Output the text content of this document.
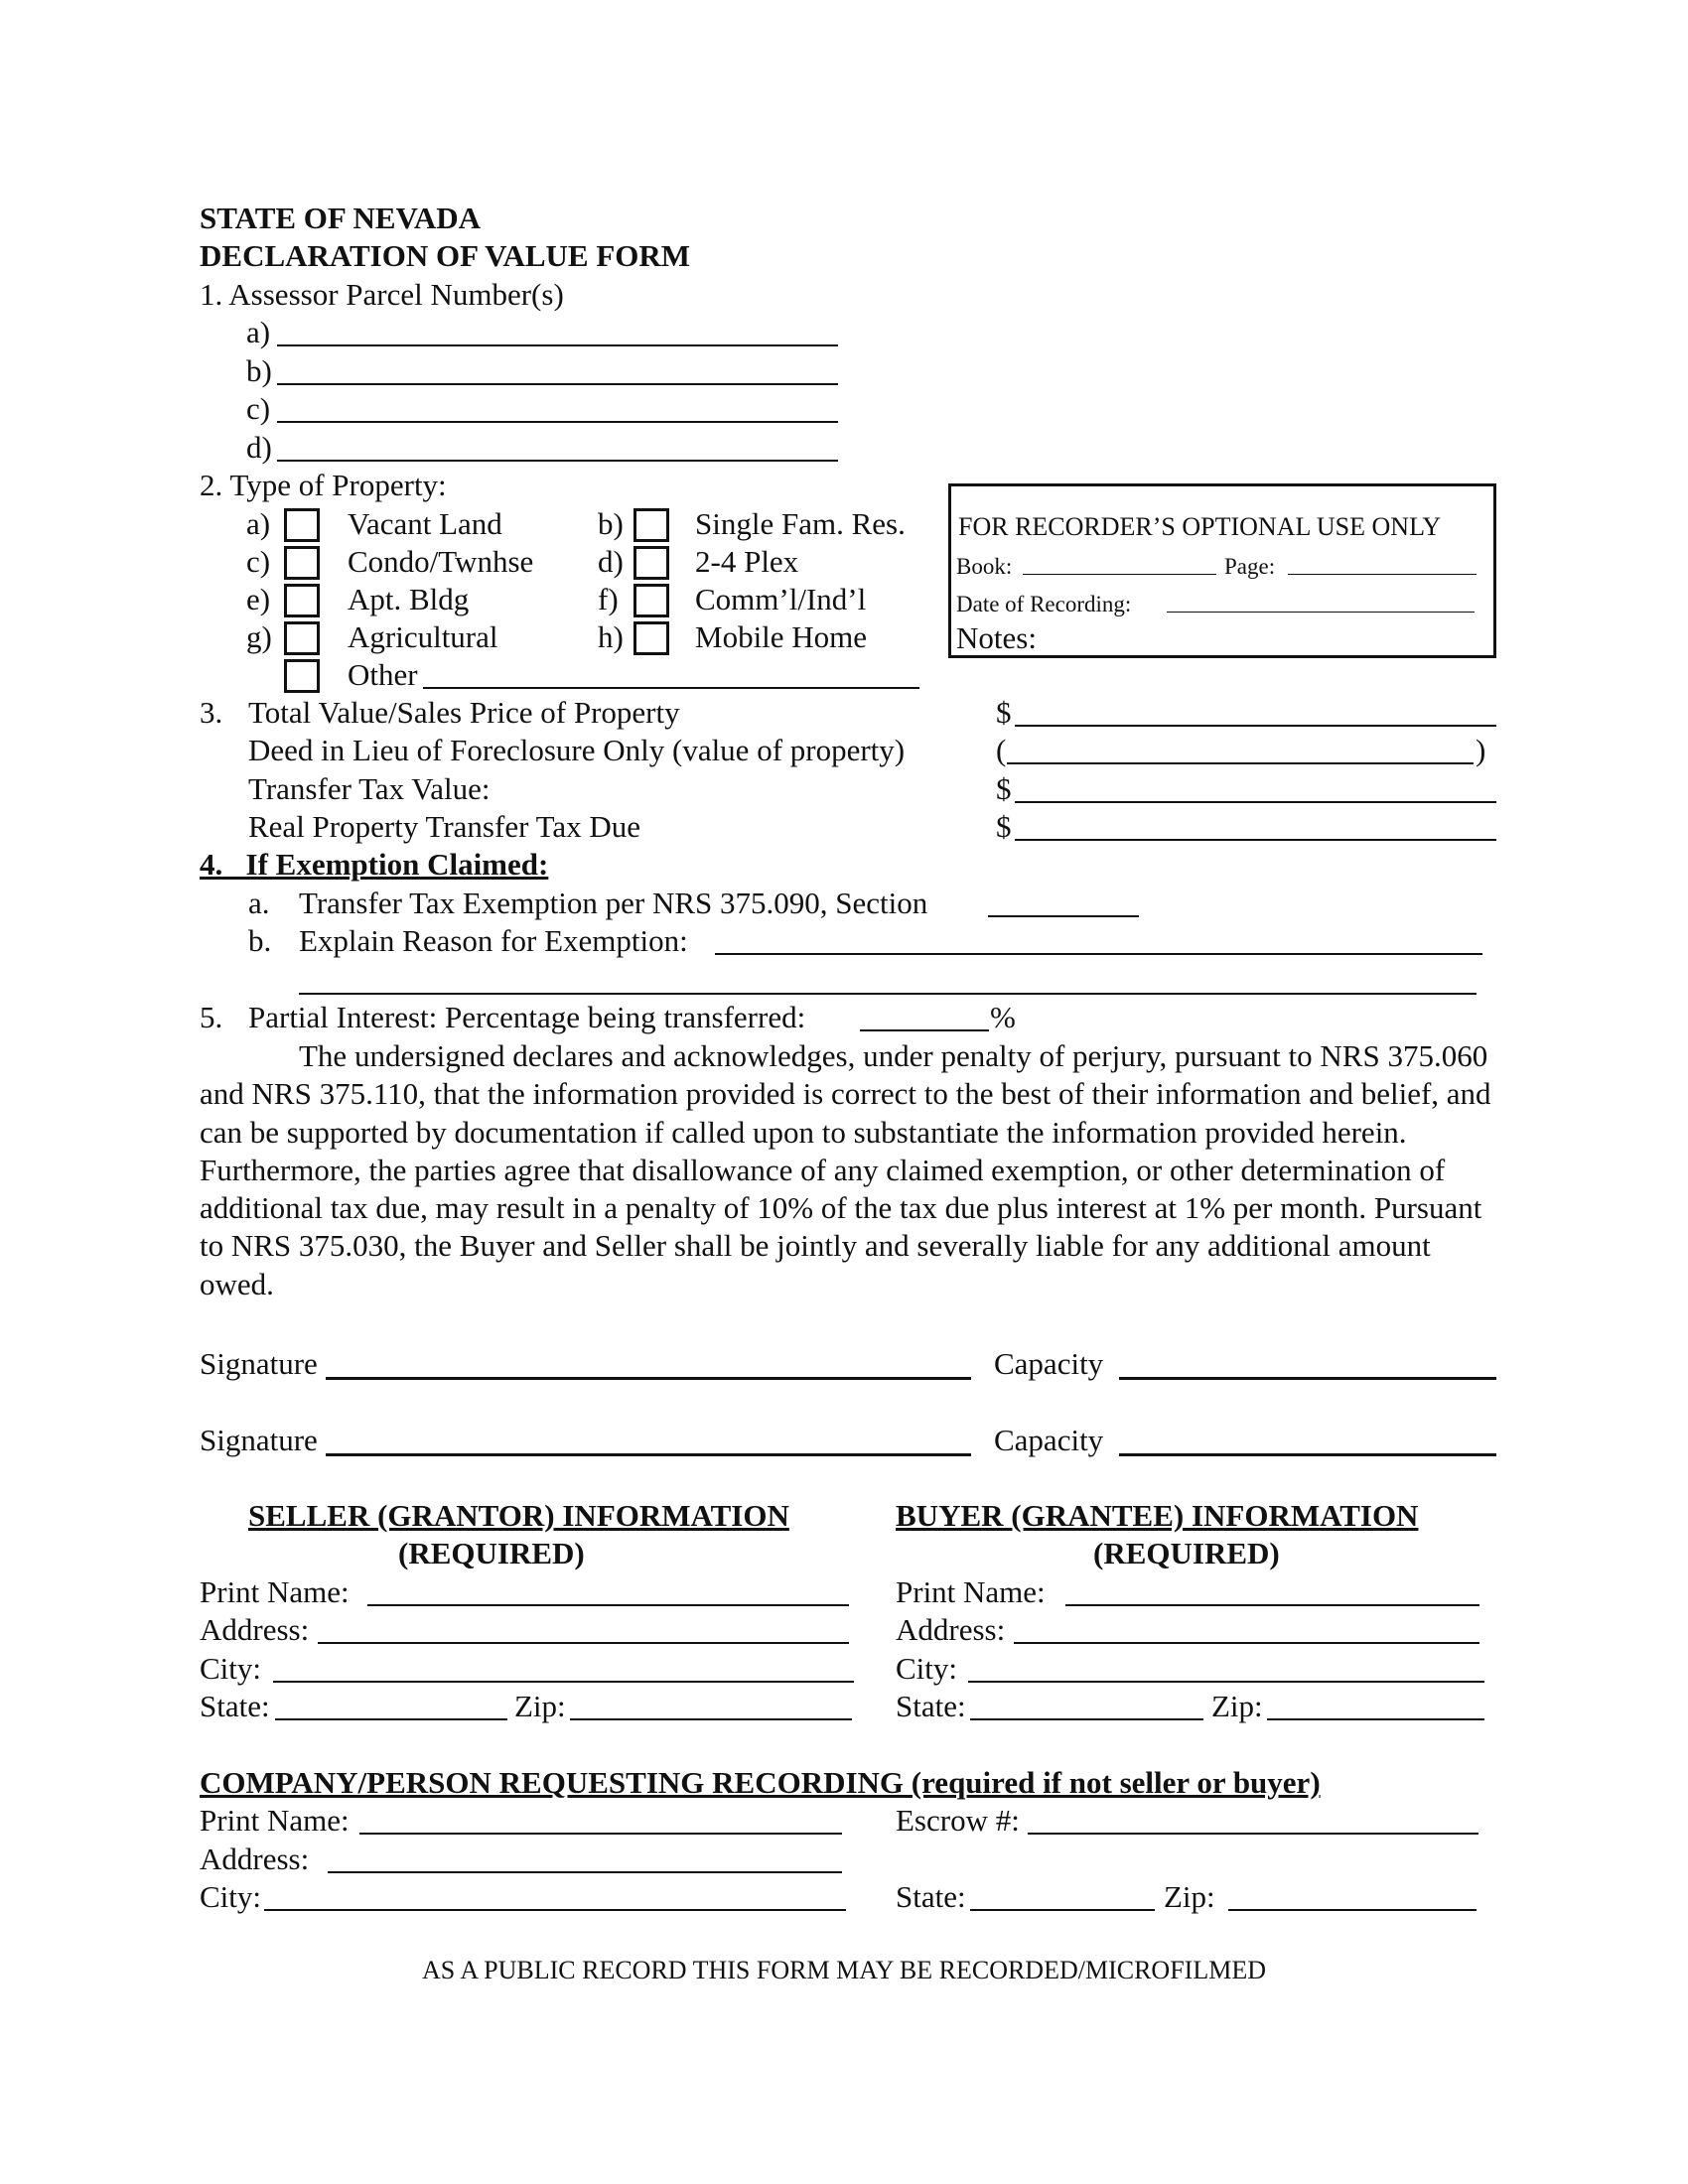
STATE OF NEVADA
DECLARATION OF VALUE FORM
1. Assessor Parcel Number(s)
a)
b)
c)
d)
2. Type of Property:
a)	Vacant Land	b) Single Fam. Res.
c)	Condo/Twnhse d) 2-4 Plex
e)	Apt. Bldg	f) Comm’l/Ind’l
g) Agricultural	h) Mobile Home
Other
FOR RECORDER’S OPTIONAL USE ONLY
Book:	Page:
Date of Recording:
Notes:
3. Total Value/Sales Price of Property	$
Deed in Lieu of Foreclosure Only (value of property)	(	)
Transfer Tax Value:	$
Real Property Transfer Tax Due	$
4.   If Exemption Claimed:
a. Transfer Tax Exemption per NRS 375.090, Section
b. Explain Reason for Exemption:
5. Partial Interest: Percentage being transferred:	%
The undersigned declares and acknowledges, under penalty of perjury, pursuant to NRS 375.060 and NRS 375.110, that the information provided is correct to the best of their information and belief, and can be supported by documentation if called upon to substantiate the information provided herein. Furthermore, the parties agree that disallowance of any claimed exemption, or other determination of additional tax due, may result in a penalty of 10% of the tax due plus interest at 1% per month. Pursuant to NRS 375.030, the Buyer and Seller shall be jointly and severally liable for any additional amount owed.
Signature	Capacity
Signature	Capacity
SELLER (GRANTOR) INFORMATION
(REQUIRED)
Print Name:
Address:
City:
State:	Zip:
BUYER (GRANTEE) INFORMATION
(REQUIRED)
Print Name:
Address:
City:
State:	Zip:
COMPANY/PERSON REQUESTING RECORDING (required if not seller or buyer)
Print Name:	Escrow #:
Address:
City:	State:	Zip:
AS A PUBLIC RECORD THIS FORM MAY BE RECORDED/MICROFILMED
